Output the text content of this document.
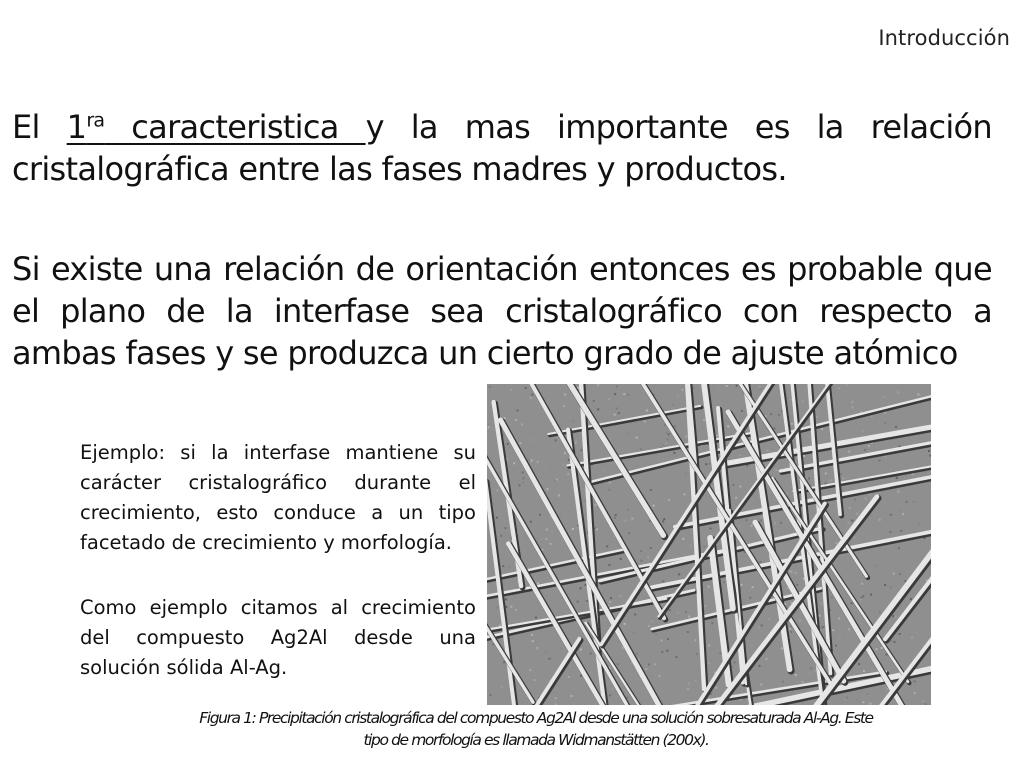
Introducción
El $1^{ra}$ caracteristica y la mas importante es la relación cristalográfica entre las fases madres y productos.
Si existe una relación de orientación entonces es probable que el plano de la interfase sea cristalográfico con respecto a ambas fases y se produzca un cierto grado de ajuste atómico
Ejemplo: si la interfase mantiene su carácter cristalográfico durante el crecimiento, esto conduce a un tipo facetado de crecimiento y morfología.
Como ejemplo citamos al crecimiento del compuesto Ag2Al desde una solución sólida Al-Ag.
Figura 1: Precipitación cristalográfica del compuesto Ag2Al desde una solución sobresaturada Al-Ag. Este tipo de morfología es llamada Widmanstätten (200x).
